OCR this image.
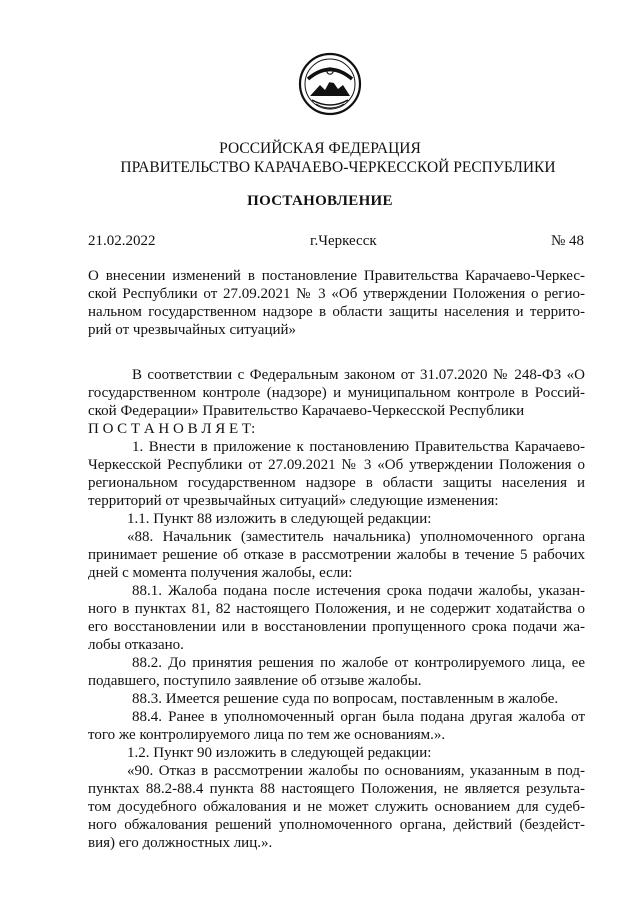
РОССИЙСКАЯ ФЕДЕРАЦИЯ
ПРАВИТЕЛЬСТВО КАРАЧАЕВО-ЧЕРКЕССКОЙ РЕСПУБЛИКИ
ПОСТАНОВЛЕНИЕ
21.02.2022	г.Черкесск	№ 48
О внесении изменений в постановление Правительства Карачаево-Черкес-
ской Республики от 27.09.2021 № 3 «Об утверждении Положения о регио-
нальном государственном надзоре в области защиты населения и террито-
рий от чрезвычайных ситуаций»
В соответствии с Федеральным законом от 31.07.2020 № 248-ФЗ «О
государственном контроле (надзоре) и муниципальном контроле в Россий-
ской Федерации» Правительство Карачаево-Черкесской Республики
П О С Т А Н О В Л Я Е Т:
1. Внести в приложение к постановлению Правительства Карачаево-
Черкесской Республики от 27.09.2021 № 3 «Об утверждении Положения о
региональном государственном надзоре в области защиты населения и
территорий от чрезвычайных ситуаций» следующие изменения:
1.1. Пункт 88 изложить в следующей редакции:
«88. Начальник (заместитель начальника) уполномоченного органа
принимает решение об отказе в рассмотрении жалобы в течение 5 рабочих
дней с момента получения жалобы, если:
88.1. Жалоба подана после истечения срока подачи жалобы, указан-
ного в пунктах 81, 82 настоящего Положения, и не содержит ходатайства о
его восстановлении или в восстановлении пропущенного срока подачи жа-
лобы отказано.
88.2. До принятия решения по жалобе от контролируемого лица, ее
подавшего, поступило заявление об отзыве жалобы.
88.3. Имеется решение суда по вопросам, поставленным в жалобе.
88.4. Ранее в уполномоченный орган была подана другая жалоба от
того же контролируемого лица по тем же основаниям.».
1.2. Пункт 90 изложить в следующей редакции:
«90. Отказ в рассмотрении жалобы по основаниям, указанным в под-
пунктах 88.2-88.4 пункта 88 настоящего Положения, не является результа-
том досудебного обжалования и не может служить основанием для судеб-
ного обжалования решений уполномоченного органа, действий (бездейст-
вия) его должностных лиц.».
